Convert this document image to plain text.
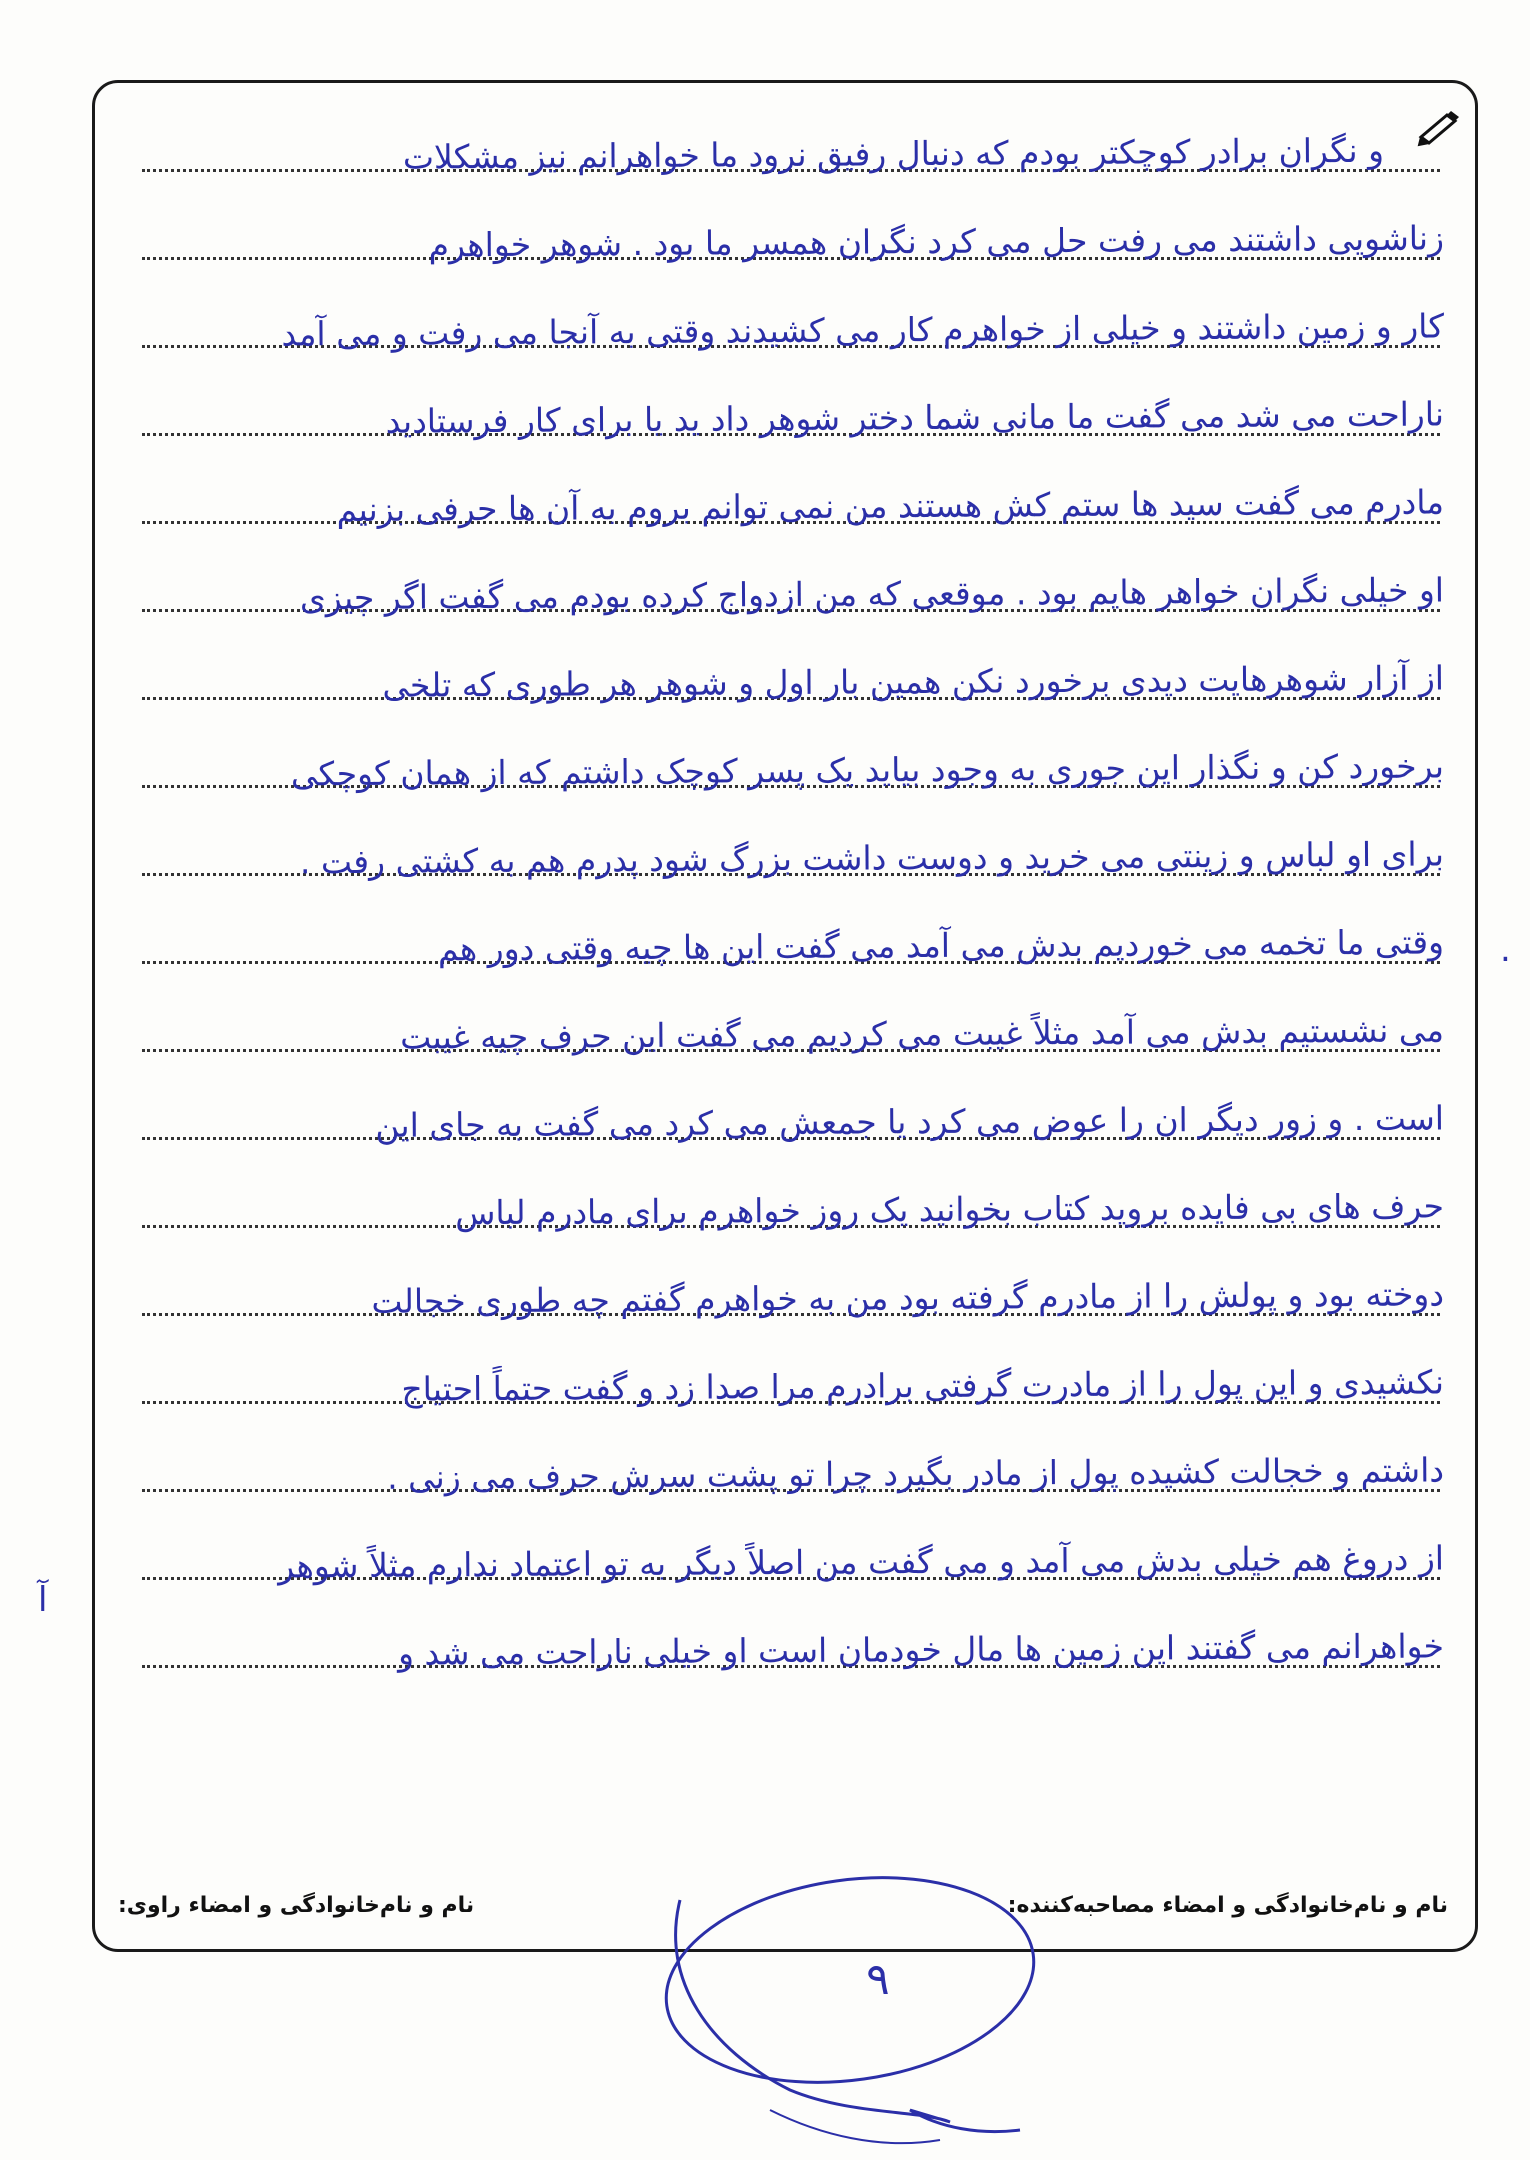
و نگران برادر کوچکتر بودم که دنبال رفیق نرود ما خواهرانم نیز مشکلات
زناشویی داشتند می رفت حل می کرد نگران همسر ما بود . شوهر خواهرم
کار و زمین داشتند و خیلی از خواهرم کار می کشیدند وقتی به آنجا می رفت و می آمد
ناراحت می شد می گفت ما مانی شما دختر شوهر داد ید یا برای کار فرستادید
مادرم می گفت سید ها ستم کش هستند من نمی توانم بروم به آن ها حرفی بزنیم
او خیلی نگران خواهر هایم بود . موقعی که من ازدواج کرده بودم می گفت اگر چیزی
از آزار شوهرهایت دیدی برخورد نکن همین بار اول و شوهر هر طوری که تلخی
برخورد کن و نگذار این جوری به وجود بیاید یک پسر کوچک داشتم که از همان کوچکی
برای او لباس و زینتی می خرید و دوست داشت بزرگ شود پدرم هم به کشتی رفت .
وقتی ما تخمه می خوردیم بدش می آمد می گفت این ها چیه وقتی دور هم
می نشستیم بدش می آمد مثلاً غیبت می کردیم می گفت این حرف چیه غیبت
است . و زور دیگر ان را عوض می کرد یا جمعش می کرد می گفت به جای این
حرف های بی فایده بروید کتاب بخوانید یک روز خواهرم برای مادرم لباس
دوخته بود و پولش را از مادرم گرفته بود من به خواهرم گفتم چه طوری خجالت
نکشیدی و این پول را از مادرت گرفتی برادرم مرا صدا زد و گفت حتماً احتیاج
داشتم و خجالت کشیده پول از مادر بگیرد چرا تو پشت سرش حرف می زنی .
از دروغ هم خیلی بدش می آمد و می گفت من اصلاً دیگر به تو اعتماد ندارم مثلاً شوهر
خواهرانم می گفتند این زمین ها مال خودمان است او خیلی ناراحت می شد و
نام و نام‌خانوادگی و امضاء مصاحبه‌کننده:
نام و نام‌خانوادگی و امضاء راوی:
۹
آ
.
